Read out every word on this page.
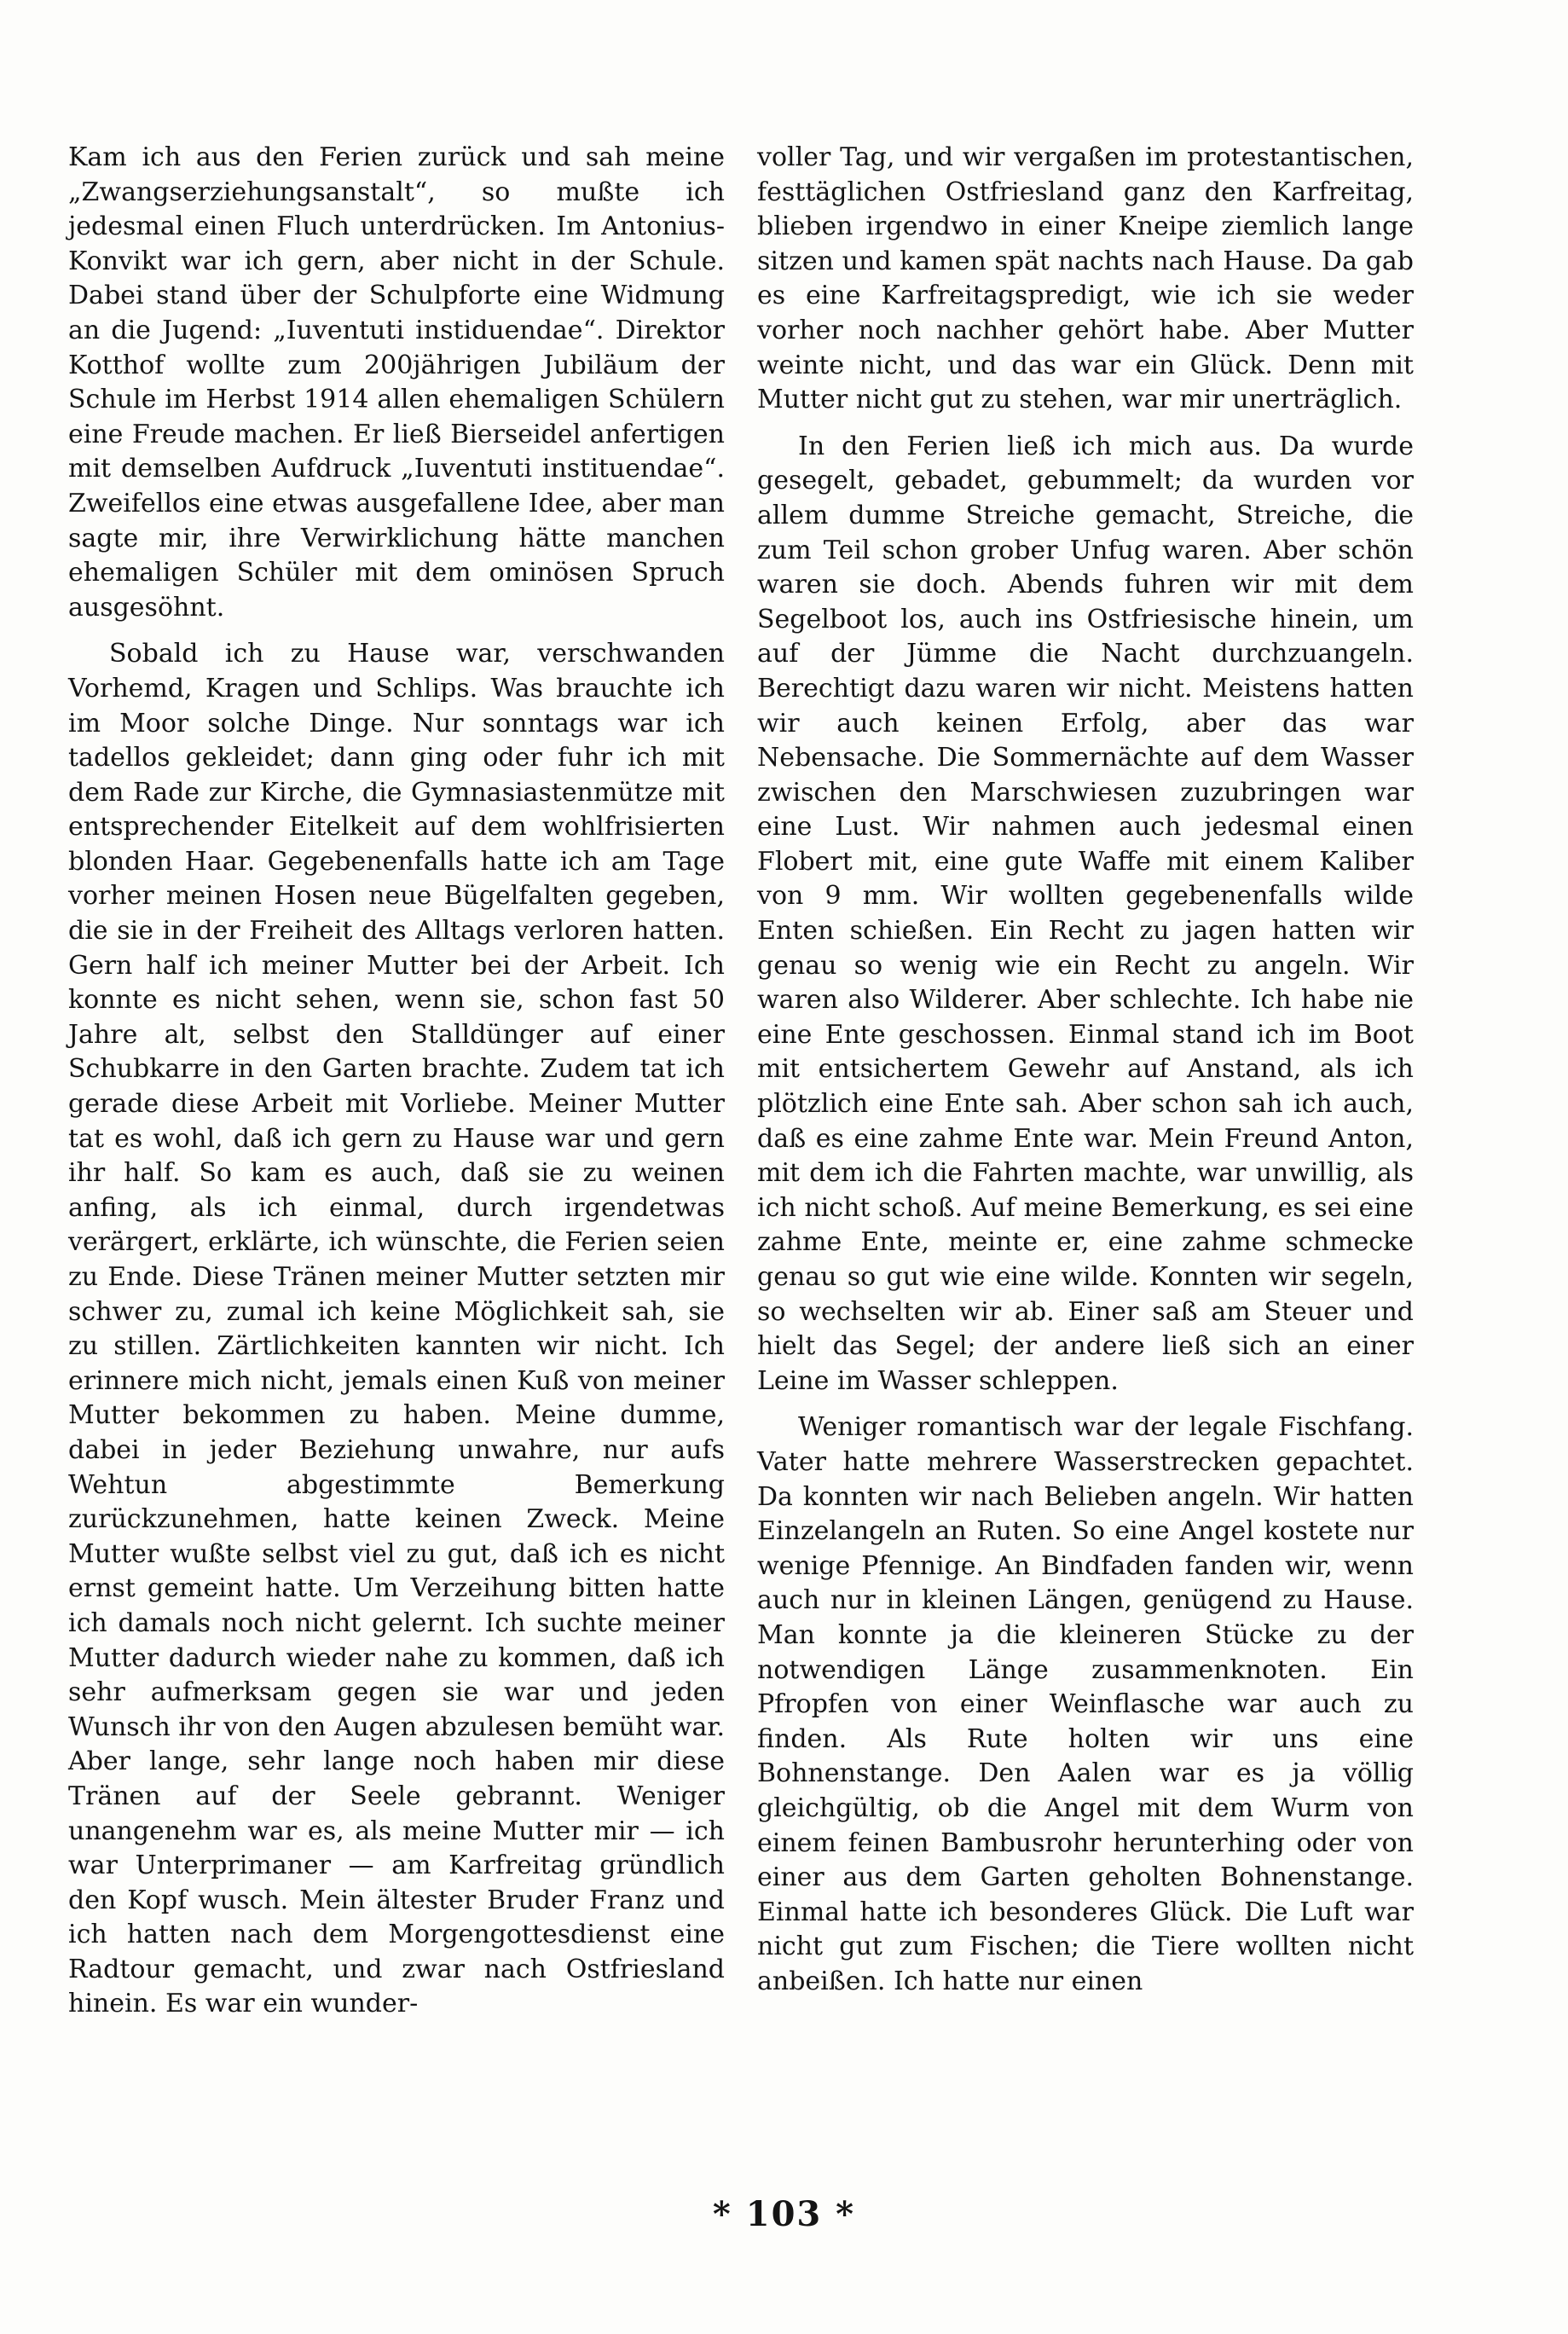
Kam ich aus den Ferien zurück und sah meine „Zwangserziehungsanstalt“, so mußte ich jedesmal einen Fluch unterdrücken. Im Antonius-Konvikt war ich gern, aber nicht in der Schule. Dabei stand über der Schulpforte eine Widmung an die Jugend: „Iuventuti instiduendae“. Direktor Kotthof wollte zum 200jährigen Jubiläum der Schule im Herbst 1914 allen ehemaligen Schülern eine Freude machen. Er ließ Bierseidel anfertigen mit demselben Aufdruck „Iuventuti instituendae“. Zweifellos eine etwas ausgefallene Idee, aber man sagte mir, ihre Verwirklichung hätte manchen ehemaligen Schüler mit dem ominösen Spruch ausgesöhnt.

Sobald ich zu Hause war, verschwanden Vorhemd, Kragen und Schlips. Was brauchte ich im Moor solche Dinge. Nur sonntags war ich tadellos gekleidet; dann ging oder fuhr ich mit dem Rade zur Kirche, die Gymnasiastenmütze mit entsprechender Eitelkeit auf dem wohlfrisierten blonden Haar. Gegebenenfalls hatte ich am Tage vorher meinen Hosen neue Bügelfalten gegeben, die sie in der Freiheit des Alltags verloren hatten. Gern half ich meiner Mutter bei der Arbeit. Ich konnte es nicht sehen, wenn sie, schon fast 50 Jahre alt, selbst den Stalldünger auf einer Schubkarre in den Garten brachte. Zudem tat ich gerade diese Arbeit mit Vorliebe. Meiner Mutter tat es wohl, daß ich gern zu Hause war und gern ihr half. So kam es auch, daß sie zu weinen anfing, als ich einmal, durch irgendetwas verärgert, erklärte, ich wünschte, die Ferien seien zu Ende. Diese Tränen meiner Mutter setzten mir schwer zu, zumal ich keine Möglichkeit sah, sie zu stillen. Zärtlichkeiten kannten wir nicht. Ich erinnere mich nicht, jemals einen Kuß von meiner Mutter bekommen zu haben. Meine dumme, dabei in jeder Beziehung unwahre, nur aufs Wehtun abgestimmte Bemerkung zurückzunehmen, hatte keinen Zweck. Meine Mutter wußte selbst viel zu gut, daß ich es nicht ernst gemeint hatte. Um Verzeihung bitten hatte ich damals noch nicht gelernt. Ich suchte meiner Mutter dadurch wieder nahe zu kommen, daß ich sehr aufmerksam gegen sie war und jeden Wunsch ihr von den Augen abzulesen bemüht war. Aber lange, sehr lange noch haben mir diese Tränen auf der Seele gebrannt. Weniger unangenehm war es, als meine Mutter mir — ich war Unterprimaner — am Karfreitag gründlich den Kopf wusch. Mein ältester Bruder Franz und ich hatten nach dem Morgengottesdienst eine Radtour gemacht, und zwar nach Ostfriesland hinein. Es war ein wunder-

voller Tag, und wir vergaßen im protestantischen, festtäglichen Ostfriesland ganz den Karfreitag, blieben irgendwo in einer Kneipe ziemlich lange sitzen und kamen spät nachts nach Hause. Da gab es eine Karfreitagspredigt, wie ich sie weder vorher noch nachher gehört habe. Aber Mutter weinte nicht, und das war ein Glück. Denn mit Mutter nicht gut zu stehen, war mir unerträglich.

In den Ferien ließ ich mich aus. Da wurde gesegelt, gebadet, gebummelt; da wurden vor allem dumme Streiche gemacht, Streiche, die zum Teil schon grober Unfug waren. Aber schön waren sie doch. Abends fuhren wir mit dem Segelboot los, auch ins Ostfriesische hinein, um auf der Jümme die Nacht durchzuangeln. Berechtigt dazu waren wir nicht. Meistens hatten wir auch keinen Erfolg, aber das war Nebensache. Die Sommernächte auf dem Wasser zwischen den Marschwiesen zuzubringen war eine Lust. Wir nahmen auch jedesmal einen Flobert mit, eine gute Waffe mit einem Kaliber von 9 mm. Wir wollten gegebenenfalls wilde Enten schießen. Ein Recht zu jagen hatten wir genau so wenig wie ein Recht zu angeln. Wir waren also Wilderer. Aber schlechte. Ich habe nie eine Ente geschossen. Einmal stand ich im Boot mit entsichertem Gewehr auf Anstand, als ich plötzlich eine Ente sah. Aber schon sah ich auch, daß es eine zahme Ente war. Mein Freund Anton, mit dem ich die Fahrten machte, war unwillig, als ich nicht schoß. Auf meine Bemerkung, es sei eine zahme Ente, meinte er, eine zahme schmecke genau so gut wie eine wilde. Konnten wir segeln, so wechselten wir ab. Einer saß am Steuer und hielt das Segel; der andere ließ sich an einer Leine im Wasser schleppen.

Weniger romantisch war der legale Fischfang. Vater hatte mehrere Wasserstrecken gepachtet. Da konnten wir nach Belieben angeln. Wir hatten Einzelangeln an Ruten. So eine Angel kostete nur wenige Pfennige. An Bindfaden fanden wir, wenn auch nur in kleinen Längen, genügend zu Hause. Man konnte ja die kleineren Stücke zu der notwendigen Länge zusammenknoten. Ein Pfropfen von einer Weinflasche war auch zu finden. Als Rute holten wir uns eine Bohnenstange. Den Aalen war es ja völlig gleichgültig, ob die Angel mit dem Wurm von einem feinen Bambusrohr herunterhing oder von einer aus dem Garten geholten Bohnenstange. Einmal hatte ich besonderes Glück. Die Luft war nicht gut zum Fischen; die Tiere wollten nicht anbeißen. Ich hatte nur einen

* 103 *
